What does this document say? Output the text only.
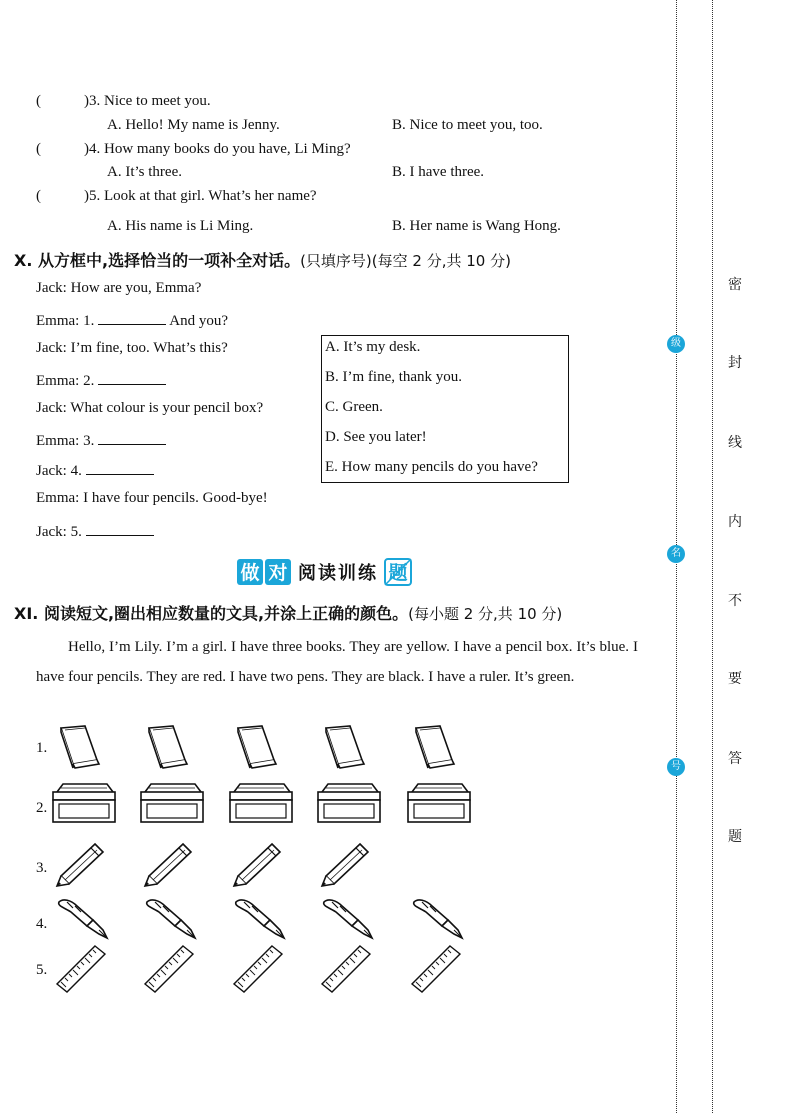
(	)3. Nice to meet you.
A. Hello! My name is Jenny.	B. Nice to meet you, too.
(	)4. How many books do you have, Li Ming?
A. It’s three.	B. I have three.
(	)5. Look at that girl. What’s her name?
A. His name is Li Ming.	B. Her name is Wang Hong.
X. 从方框中,选择恰当的一项补全对话。(只填序号)(每空 2 分,共 10 分)
Jack: How are you, Emma?
Emma: 1.	And you?
Jack: I’m fine, too. What’s this?
Emma: 2.
Jack: What colour is your pencil box?
Emma: 3.
Jack: 4.
Emma: I have four pencils. Good-bye!
Jack: 5.
A. It’s my desk.
B. I’m fine, thank you.
C. Green.
D. See you later!
E. How many pencils do you have?
做 对 阅 读 训 练 题
XI. 阅读短文,圈出相应数量的文具,并涂上正确的颜色。(每小题 2 分,共 10 分)
Hello, I’m Lily. I’m a girl. I have three books. They are yellow. I have a pencil box. It’s blue. I have four pencils. They are red. I have two pens. They are black. I have a ruler. It’s green.
1.
2.
3.
4.
5.
密
封
线
内
不
要
答
题
级
名
号
